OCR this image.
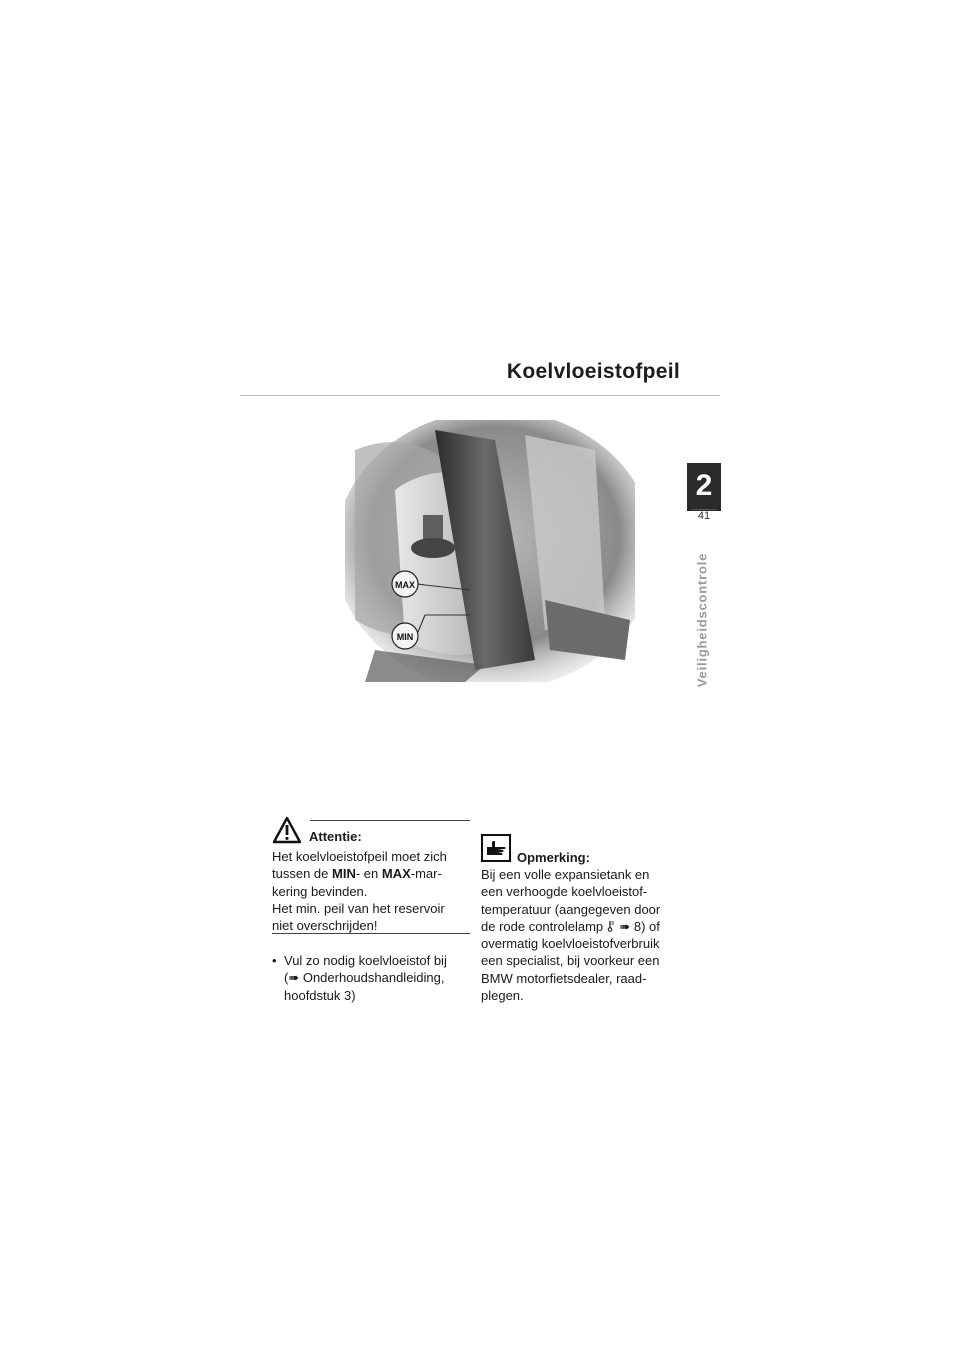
Koelvloeistofpeil
2
41
Veiligheidscontrole
MAX
MIN
Attentie:
Het koelvloeistofpeil moet zich
tussen de MIN- en MAX-mar-
kering bevinden.
Het min. peil van het reservoir
niet overschrijden!
• Vul zo nodig koelvloeistof bij
(➠ Onderhoudshandleiding,
hoofdstuk 3)
Opmerking:
Bij een volle expansietank en
een verhoogde koelvloeistof-
temperatuur (aangegeven door
de rode controlelamp  ➠ 8) of
overmatig koelvloeistofverbruik
een specialist, bij voorkeur een
BMW motorfietsdealer, raad-
plegen.
